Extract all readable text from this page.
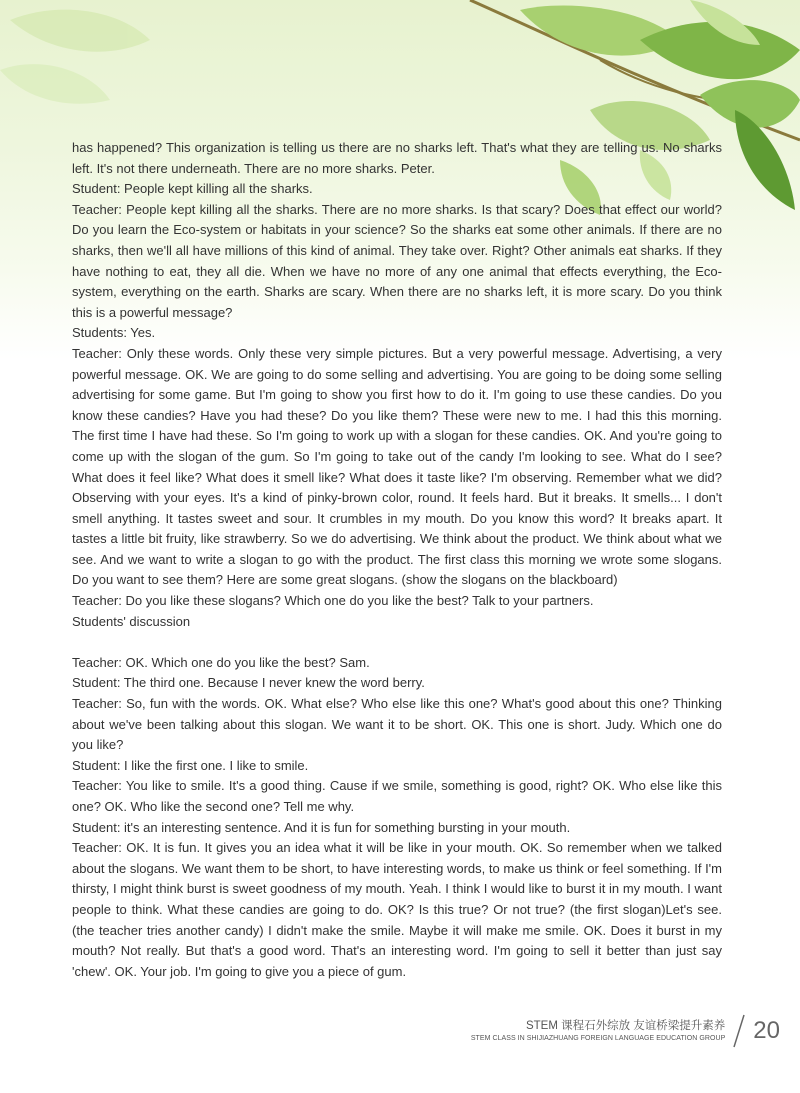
has happened? This organization is telling us there are no sharks left. That's what they are telling us. No sharks left. It's not there underneath. There are no more sharks. Peter.

Student: People kept killing all the sharks.

Teacher: People kept killing all the sharks. There are no more sharks. Is that scary? Does that effect our world? Do you learn the Eco-system or habitats in your science? So the sharks eat some other animals. If there are no sharks, then we'll all have millions of this kind of animal. They take over. Right? Other animals eat sharks. If they have nothing to eat, they all die. When we have no more of any one animal that effects everything, the Eco-system, everything on the earth. Sharks are scary. When there are no sharks left, it is more scary. Do you think this is a powerful message?

Students: Yes.

Teacher: Only these words. Only these very simple pictures. But a very powerful message. Advertising, a very powerful message. OK. We are going to do some selling and advertising. You are going to be doing some selling advertising for some game. But I'm going to show you first how to do it. I'm going to use these candies. Do you know these candies? Have you had these? Do you like them? These were new to me. I had this this morning. The first time I have had these. So I'm going to work up with a slogan for these candies. OK. And you're going to come up with the slogan of the gum. So I'm going to take out of the candy I'm looking to see. What do I see? What does it feel like? What does it smell like? What does it taste like? I'm observing. Remember what we did? Observing with your eyes. It's a kind of pinky-brown color, round. It feels hard. But it breaks. It smells... I don't smell anything. It tastes sweet and sour. It crumbles in my mouth. Do you know this word? It breaks apart. It tastes a little bit fruity, like strawberry. So we do advertising. We think about the product. We think about what we see. And we want to write a slogan to go with the product. The first class this morning we wrote some slogans. Do you want to see them? Here are some great slogans. (show the slogans on the blackboard)

Teacher: Do you like these slogans? Which one do you like the best? Talk to your partners.

Students' discussion

Teacher: OK. Which one do you like the best? Sam.

Student: The third one. Because I never knew the word berry.

Teacher: So, fun with the words. OK. What else? Who else like this one? What's good about this one? Thinking about we've been talking about this slogan. We want it to be short. OK. This one is short. Judy. Which one do you like?

Student: I like the first one. I like to smile.

Teacher: You like to smile. It's a good thing. Cause if we smile, something is good, right? OK. Who else like this one? OK. Who like the second one? Tell me why.

Student: it's an interesting sentence. And it is fun for something bursting in your mouth.

Teacher: OK. It is fun. It gives you an idea what it will be like in your mouth. OK. So remember when we talked about the slogans. We want them to be short, to have interesting words, to make us think or feel something. If I'm thirsty, I might think burst is sweet goodness of my mouth. Yeah. I think I would like to burst it in my mouth. I want people to think. What these candies are going to do. OK? Is this true? Or not true? (the first slogan)Let's see. (the teacher tries another candy) I didn't make the smile. Maybe it will make me smile. OK. Does it burst in my mouth? Not really. But that's a good word. That's an interesting word. I'm going to sell it better than just say 'chew'. OK. Your job. I'm going to give you a piece of gum.

STEM 课程石外综放 友谊桥梁提升素养
STEM CLASS IN SHIJIAZHUANG FOREIGN LANGUAGE EDUCATION GROUP 20
